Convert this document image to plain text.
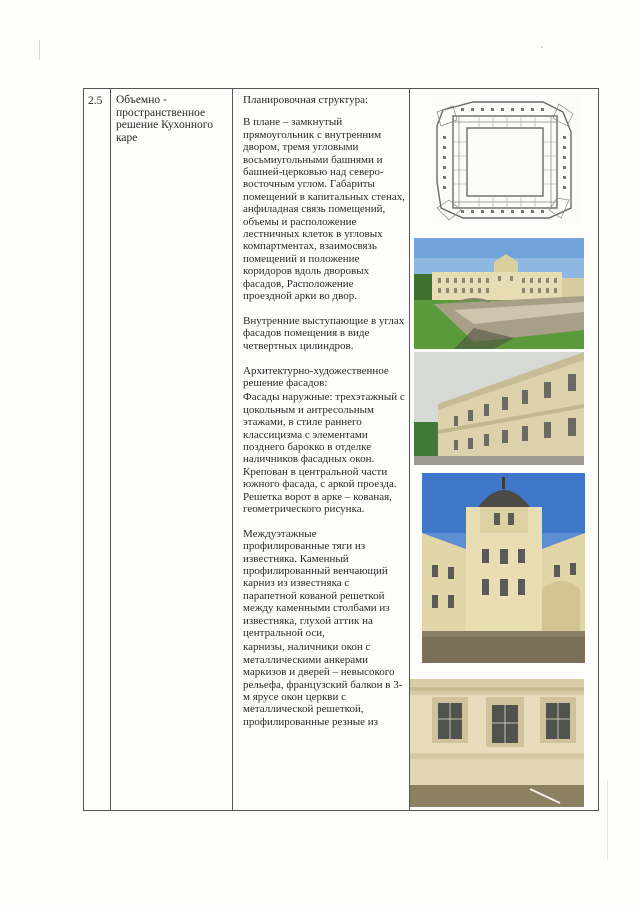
2.5	Объемно - пространственное решение Кухонного каре

Планировочная структура:

В плане – замкнутый прямоугольник с внутренним двором, тремя угловыми восьмиугольными башнями и башней-церковью над северо-восточным углом. Габариты помещений в капитальных стенах, анфиладная связь помещений, объемы и расположение лестничных клеток в угловых компартментах, взаимосвязь помещений и положение коридоров вдоль дворовых фасадов, Расположение проездной арки во двор.

Внутренние выступающие в углах фасадов помещения в виде четвертных цилиндров.

Архитектурно-художественное решение фасадов:

Фасады наружные: трехэтажный с цокольным и антресольным этажами, в стиле раннего классицизма с элементами позднего барокко в отделке наличников фасадных окон. Крепован в центральной части южного фасада, с аркой проезда. Решетка ворот в арке – кованая, геометрического рисунка.

Междуэтажные профилированные тяги из известняка. Каменный профилированный венчающий карниз из известняка с парапетной кованой решеткой между каменными столбами из известняка, глухой аттик на центральной оси,

карнизы, наличники окон с металлическими анкерами маркизов и дверей – невысокого рельефа, французский балкон в 3-м ярусе окон церкви с металлической решеткой, профилированные резные из
